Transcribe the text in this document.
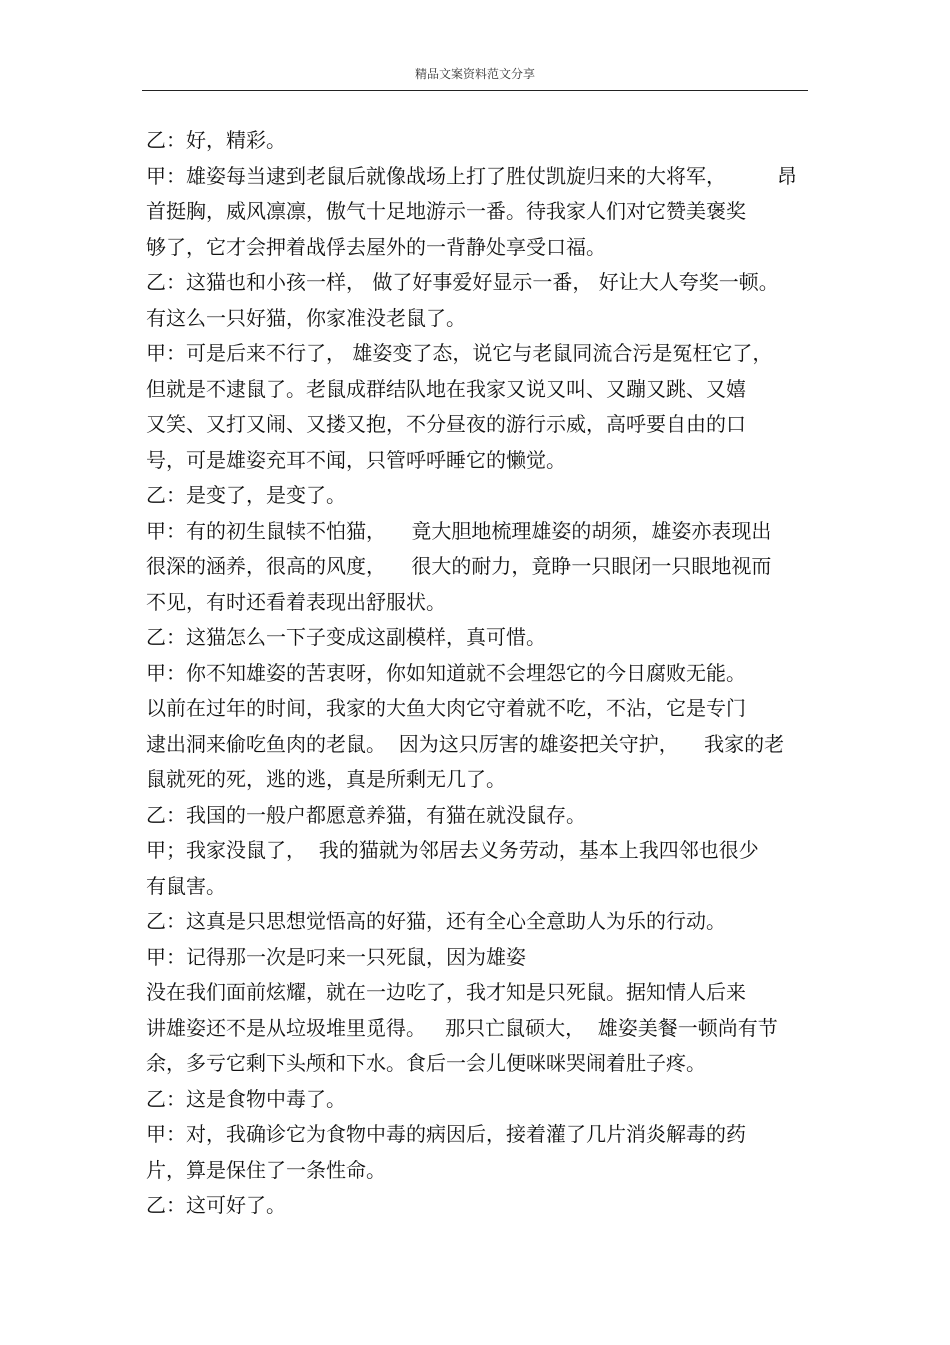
精品文案资料范文分享
乙：好，精彩。
甲：雄姿每当逮到老鼠后就像战场上打了胜仗凯旋归来的大将军，        昂
首挺胸，威风凛凛，傲气十足地游示一番。待我家人们对它赞美褒奖
够了，它才会押着战俘去屋外的一背静处享受口福。
乙：这猫也和小孩一样， 做了好事爱好显示一番， 好让大人夸奖一顿。
有这么一只好猫，你家准没老鼠了。
甲：可是后来不行了， 雄姿变了态，说它与老鼠同流合污是冤枉它了，
但就是不逮鼠了。老鼠成群结队地在我家又说又叫、又蹦又跳、又嬉
又笑、又打又闹、又搂又抱，不分昼夜的游行示威，高呼要自由的口
号，可是雄姿充耳不闻，只管呼呼睡它的懒觉。
乙：是变了，是变了。
甲：有的初生鼠犊不怕猫，    竟大胆地梳理雄姿的胡须，雄姿亦表现出
很深的涵养，很高的风度，    很大的耐力，竟睁一只眼闭一只眼地视而
不见，有时还看着表现出舒服状。
乙：这猫怎么一下子变成这副模样，真可惜。
甲：你不知雄姿的苦衷呀，你如知道就不会埋怨它的今日腐败无能。
以前在过年的时间，我家的大鱼大肉它守着就不吃，不沾，它是专门
逮出洞来偷吃鱼肉的老鼠。  因为这只厉害的雄姿把关守护，    我家的老
鼠就死的死，逃的逃，真是所剩无几了。
乙：我国的一般户都愿意养猫，有猫在就没鼠存。
甲；我家没鼠了，  我的猫就为邻居去义务劳动，基本上我四邻也很少
有鼠害。
乙：这真是只思想觉悟高的好猫，还有全心全意助人为乐的行动。
甲：记得那一次是叼来一只死鼠，因为雄姿
没在我们面前炫耀，就在一边吃了，我才知是只死鼠。据知情人后来
讲雄姿还不是从垃圾堆里觅得。   那只亡鼠硕大，  雄姿美餐一顿尚有节
余，多亏它剩下头颅和下水。食后一会儿便咪咪哭闹着肚子疼。
乙：这是食物中毒了。
甲：对，我确诊它为食物中毒的病因后，接着灌了几片消炎解毒的药
片，算是保住了一条性命。
乙：这可好了。
